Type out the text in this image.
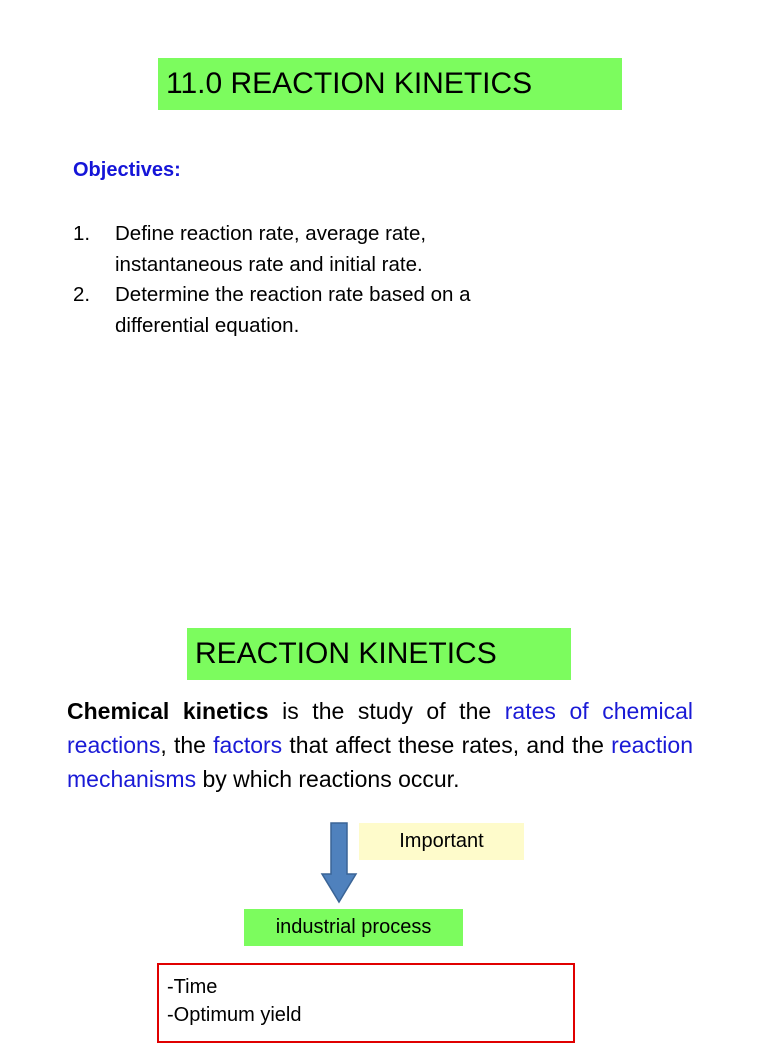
11.0 REACTION KINETICS
Objectives:
1. Define reaction rate, average rate,
instantaneous rate and initial rate.
2. Determine the reaction rate based on a
differential equation.
REACTION KINETICS
Chemical kinetics is the study of the rates of chemical reactions, the factors that affect these rates, and the reaction mechanisms by which reactions occur.
Important
industrial process
-Time
-Optimum yield
